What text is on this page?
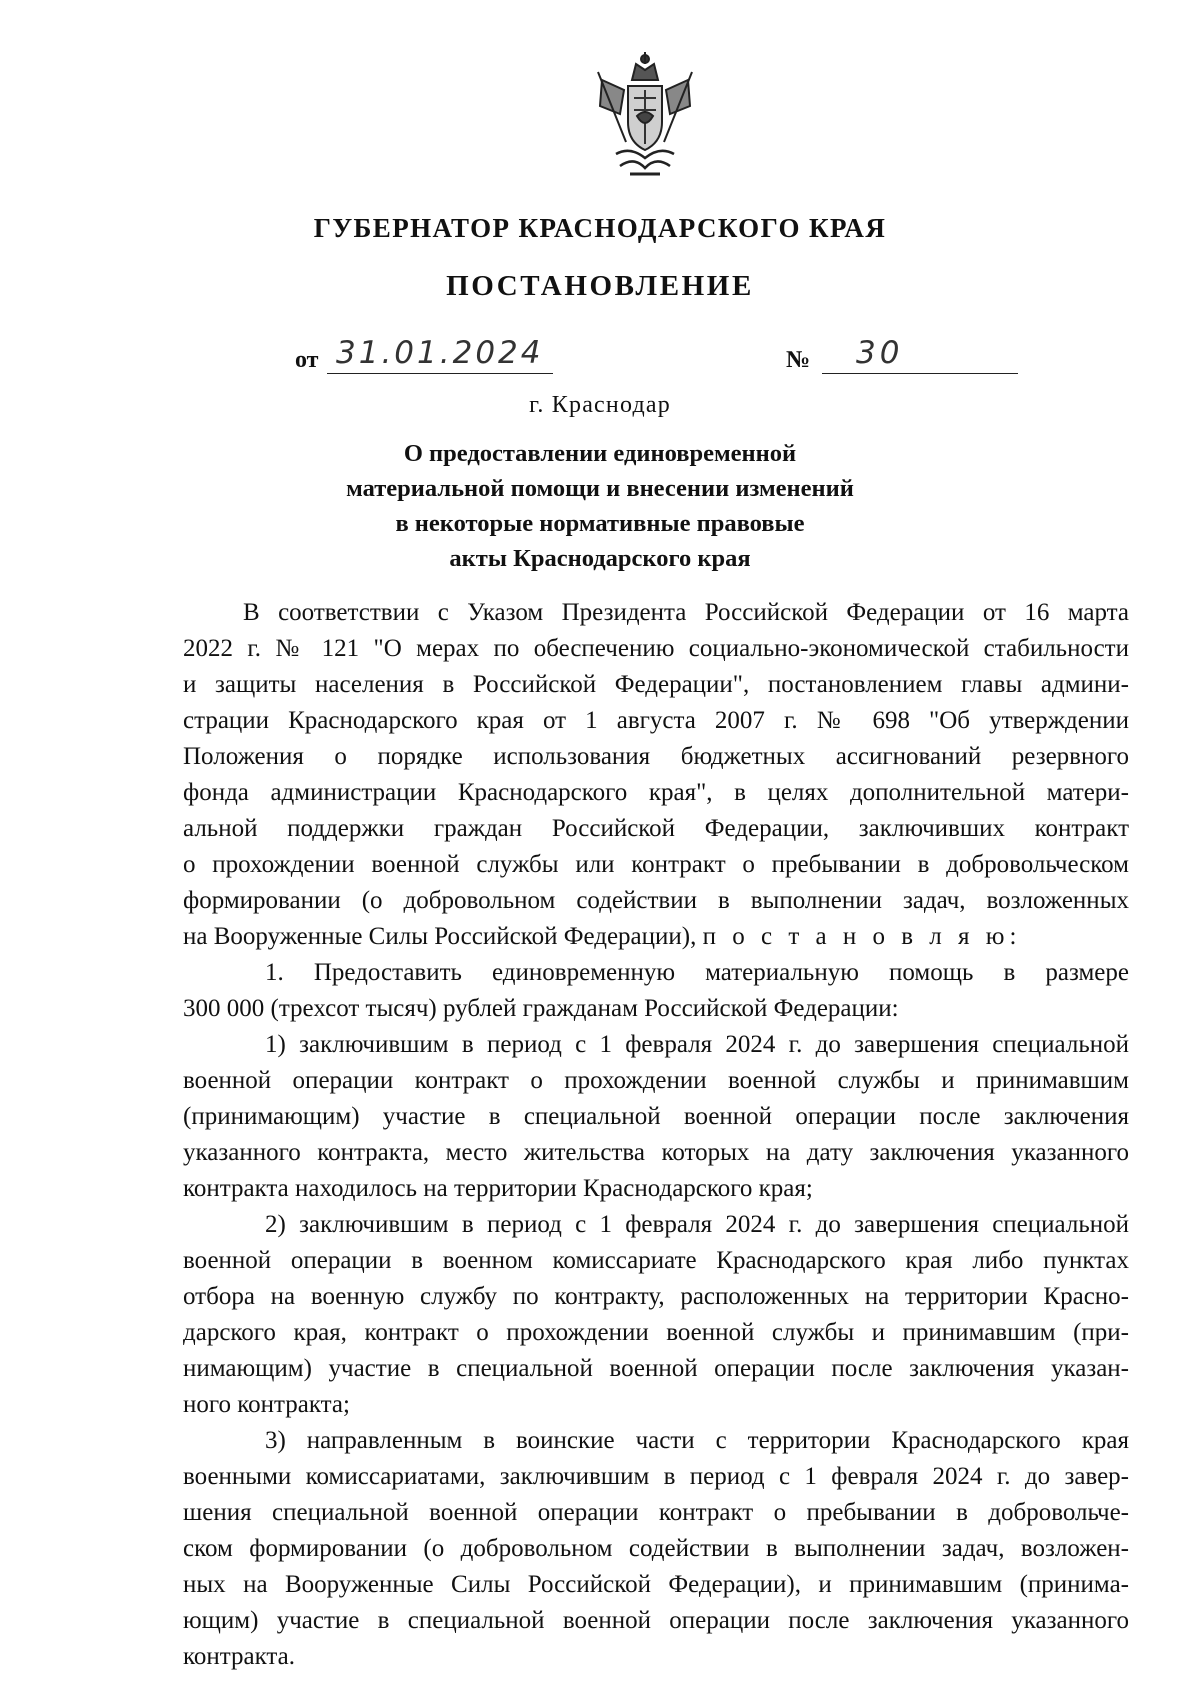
ГУБЕРНАТОР КРАСНОДАРСКОГО КРАЯ
ПОСТАНОВЛЕНИЕ
от 31.01.2024	№ 30
г. Краснодар
О предоставлении единовременной
материальной помощи и внесении изменений
в некоторые нормативные правовые
акты Краснодарского края
В соответствии с Указом Президента Российской Федерации от 16 марта
2022 г. № 121 "О мерах по обеспечению социально-экономической стабильности
и защиты населения в Российской Федерации", постановлением главы админи-
страции Краснодарского края от 1 августа 2007 г. № 698 "Об утверждении
Положения о порядке использования бюджетных ассигнований резервного
фонда администрации Краснодарского края", в целях дополнительной матери-
альной поддержки граждан Российской Федерации, заключивших контракт
о прохождении военной службы или контракт о пребывании в добровольческом
формировании (о добровольном содействии в выполнении задач, возложенных
на Вооруженные Силы Российской Федерации), п о с т а н о в л я ю:
1. Предоставить единовременную материальную помощь в размере
300 000 (трехсот тысяч) рублей гражданам Российской Федерации:
1) заключившим в период с 1 февраля 2024 г. до завершения специальной
военной операции контракт о прохождении военной службы и принимавшим
(принимающим) участие в специальной военной операции после заключения
указанного контракта, место жительства которых на дату заключения указанного
контракта находилось на территории Краснодарского края;
2) заключившим в период с 1 февраля 2024 г. до завершения специальной
военной операции в военном комиссариате Краснодарского края либо пунктах
отбора на военную службу по контракту, расположенных на территории Красно-
дарского края, контракт о прохождении военной службы и принимавшим (при-
нимающим) участие в специальной военной операции после заключения указан-
ного контракта;
3) направленным в воинские части с территории Краснодарского края
военными комиссариатами, заключившим в период с 1 февраля 2024 г. до завер-
шения специальной военной операции контракт о пребывании в добровольче-
ском формировании (о добровольном содействии в выполнении задач, возложен-
ных на Вооруженные Силы Российской Федерации), и принимавшим (принима-
ющим) участие в специальной военной операции после заключения указанного
контракта.
